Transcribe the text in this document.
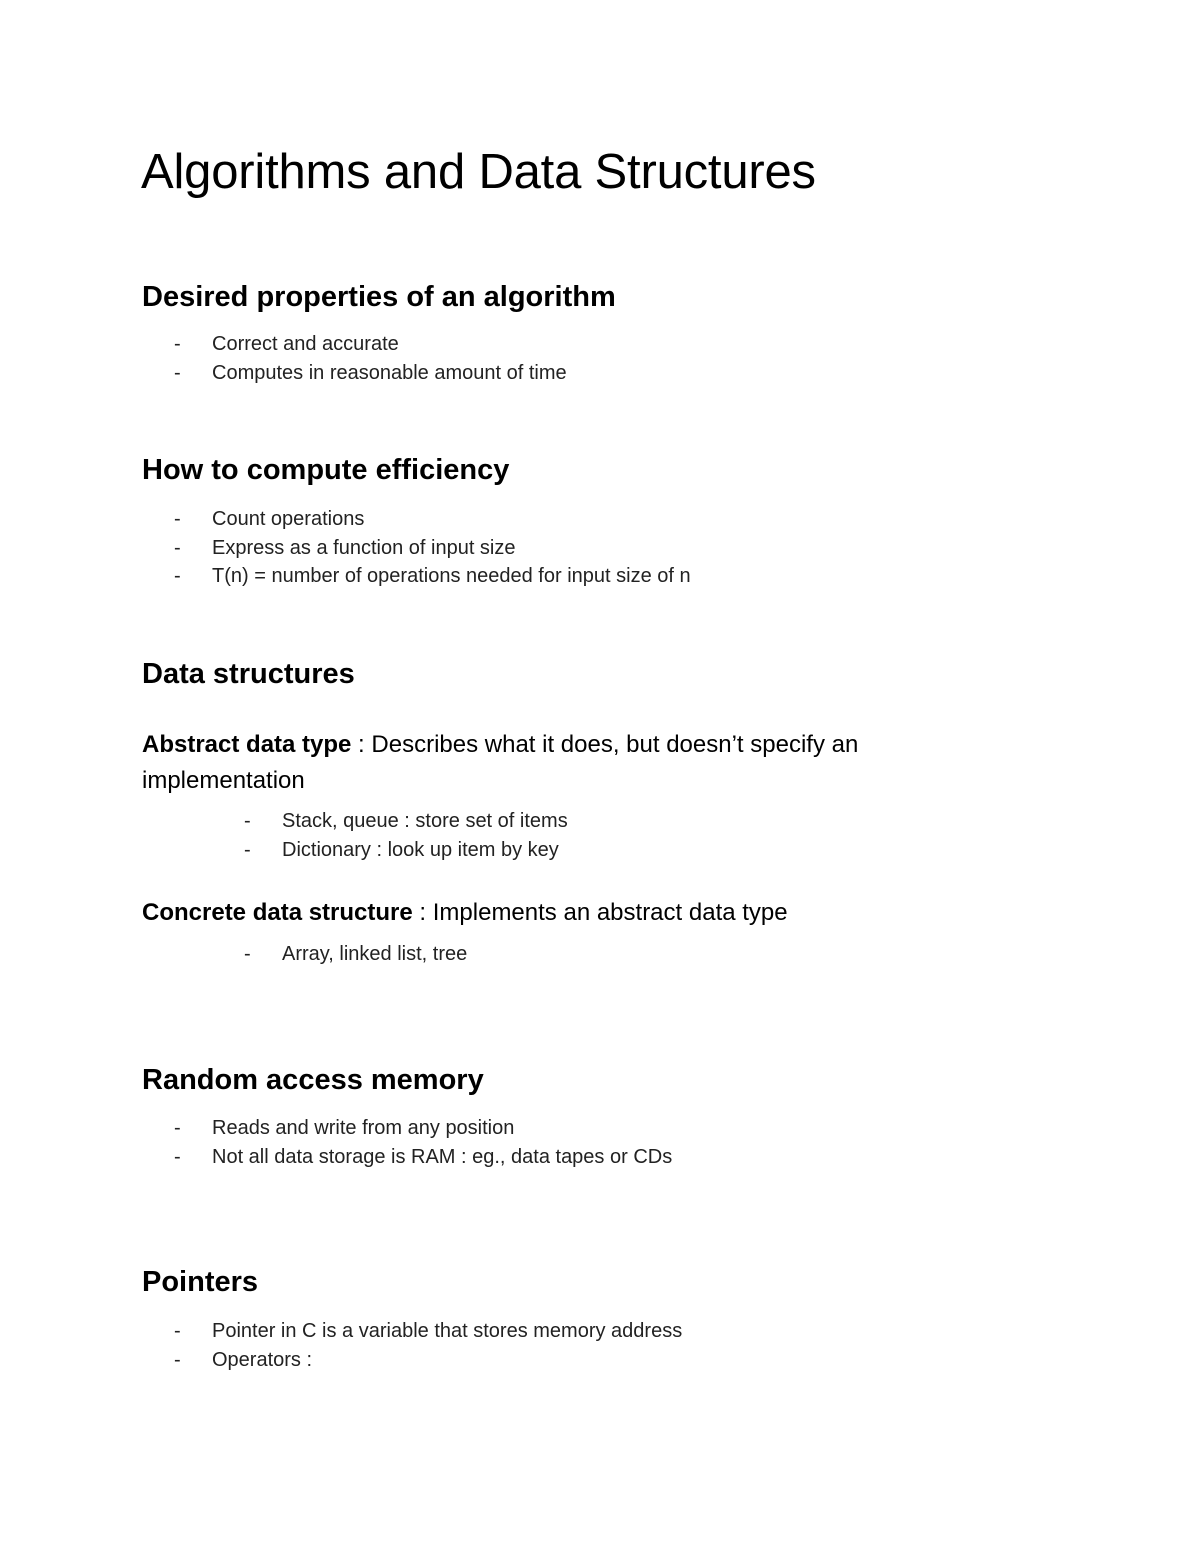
Algorithms and Data Structures
Desired properties of an algorithm
-	Correct and accurate
-	Computes in reasonable amount of time
How to compute efficiency
-	Count operations
-	Express as a function of input size
-	T(n) = number of operations needed for input size of n
Data structures
Abstract data type : Describes what it does, but doesn’t specify an implementation
-	Stack, queue : store set of items
-	Dictionary : look up item by key
Concrete data structure : Implements an abstract data type
-	Array, linked list, tree
Random access memory
-	Reads and write from any position
-	Not all data storage is RAM : eg., data tapes or CDs
Pointers
-	Pointer in C is a variable that stores memory address
-	Operators :
